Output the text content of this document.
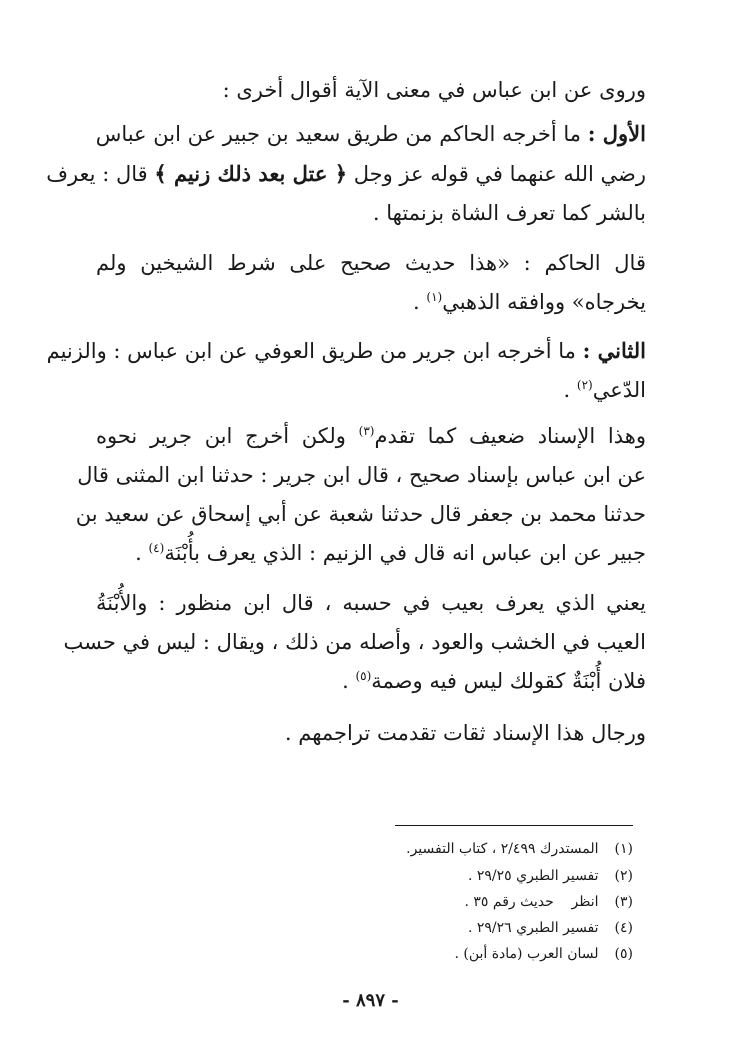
وروى عن ابن عباس في معنى الآية أقوال أخرى :
الأول : ما أخرجه الحاكم من طريق سعيد بن جبير عن ابن عباس
رضي الله عنهما في قوله عز وجل ﴿ عتل بعد ذلك زنيم ﴾ قال : يعرف
بالشر كما تعرف الشاة بزنمتها .
قال الحاكم : «هذا حديث صحيح على شرط الشيخين ولم
يخرجاه» ووافقه الذهبي$^{(١)}$ .
الثاني : ما أخرجه ابن جرير من طريق العوفي عن ابن عباس : والزنيم
الدّعي$^{(٢)}$ .
وهذا الإسناد ضعيف كما تقدم$^{(٣)}$ ولكن أخرج ابن جرير نحوه
عن ابن عباس بإسناد صحيح ، قال ابن جرير : حدثنا ابن المثنى قال
حدثنا محمد بن جعفر قال حدثنا شعبة عن أبي إسحاق عن سعيد بن
جبير عن ابن عباس انه قال في الزنيم : الذي يعرف بأُبْنَة$^{(٤)}$ .
يعني الذي يعرف بعيب في حسبه ، قال ابن منظور : والأُبْنَةُ
العيب في الخشب والعود ، وأصله من ذلك ، ويقال : ليس في حسب
فلان أُبْنَةٌ كقولك ليس فيه وصمة$^{(٥)}$ .
ورجال هذا الإسناد ثقات تقدمت تراجمهم .
(١) المستدرك ٢/٤٩٩ ، كتاب التفسير.
(٢) تفسير الطبري ٢٩/٢٥ .
(٣) انظر    حديث رقم ٣٥ .
(٤) تفسير الطبري ٢٩/٢٦ .
(٥) لسان العرب (مادة أبن) .
- ٨٩٧ -
